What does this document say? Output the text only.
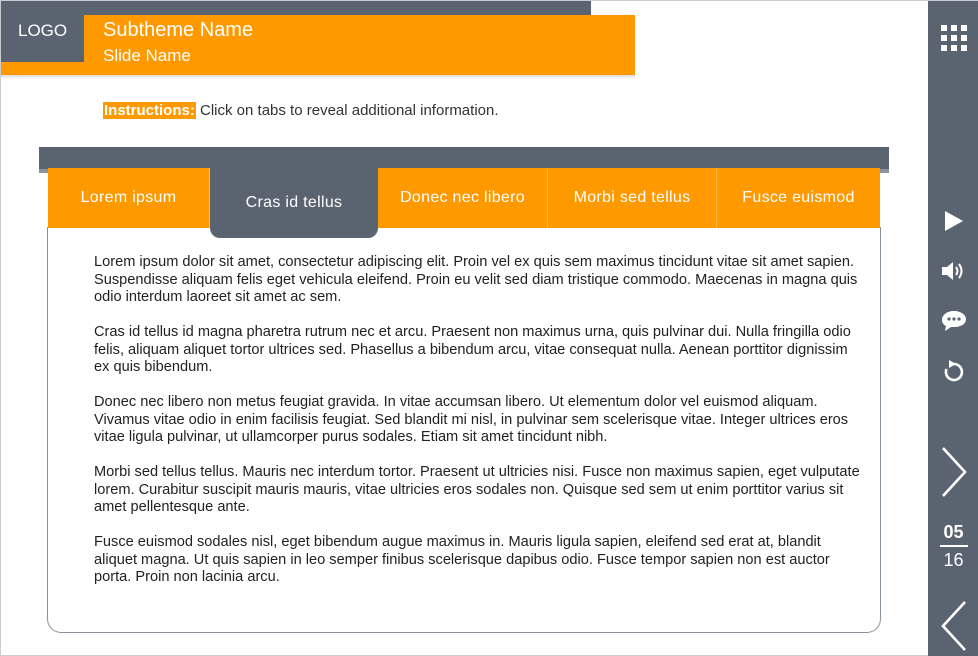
LOGO Subtheme Name
Slide Name
Instructions: Click on tabs to reveal additional information.
Lorem ipsum	Cras id tellus	Donec nec libero	Morbi sed tellus	Fusce euismod

Lorem ipsum dolor sit amet, consectetur adipiscing elit. Proin vel ex quis sem maximus tincidunt vitae sit amet sapien. Suspendisse aliquam felis eget vehicula eleifend. Proin eu velit sed diam tristique commodo. Maecenas in magna quis odio interdum laoreet sit amet ac sem.

Cras id tellus id magna pharetra rutrum nec et arcu. Praesent non maximus urna, quis pulvinar dui. Nulla fringilla odio felis, aliquam aliquet tortor ultrices sed. Phasellus a bibendum arcu, vitae consequat nulla. Aenean porttitor dignissim ex quis bibendum.

Donec nec libero non metus feugiat gravida. In vitae accumsan libero. Ut elementum dolor vel euismod aliquam. Vivamus vitae odio in enim facilisis feugiat. Sed blandit mi nisl, in pulvinar sem scelerisque vitae. Integer ultrices eros vitae ligula pulvinar, ut ullamcorper purus sodales. Etiam sit amet tincidunt nibh.

Morbi sed tellus tellus. Mauris nec interdum tortor. Praesent ut ultricies nisi. Fusce non maximus sapien, eget vulputate lorem. Curabitur suscipit mauris mauris, vitae ultricies eros sodales non. Quisque sed sem ut enim porttitor varius sit amet pellentesque ante.

Fusce euismod sodales nisl, eget bibendum augue maximus in. Mauris ligula sapien, eleifend sed erat at, blandit aliquet magna. Ut quis sapien in leo semper finibus scelerisque dapibus odio. Fusce tempor sapien non est auctor porta. Proin non lacinia arcu.

05
16
